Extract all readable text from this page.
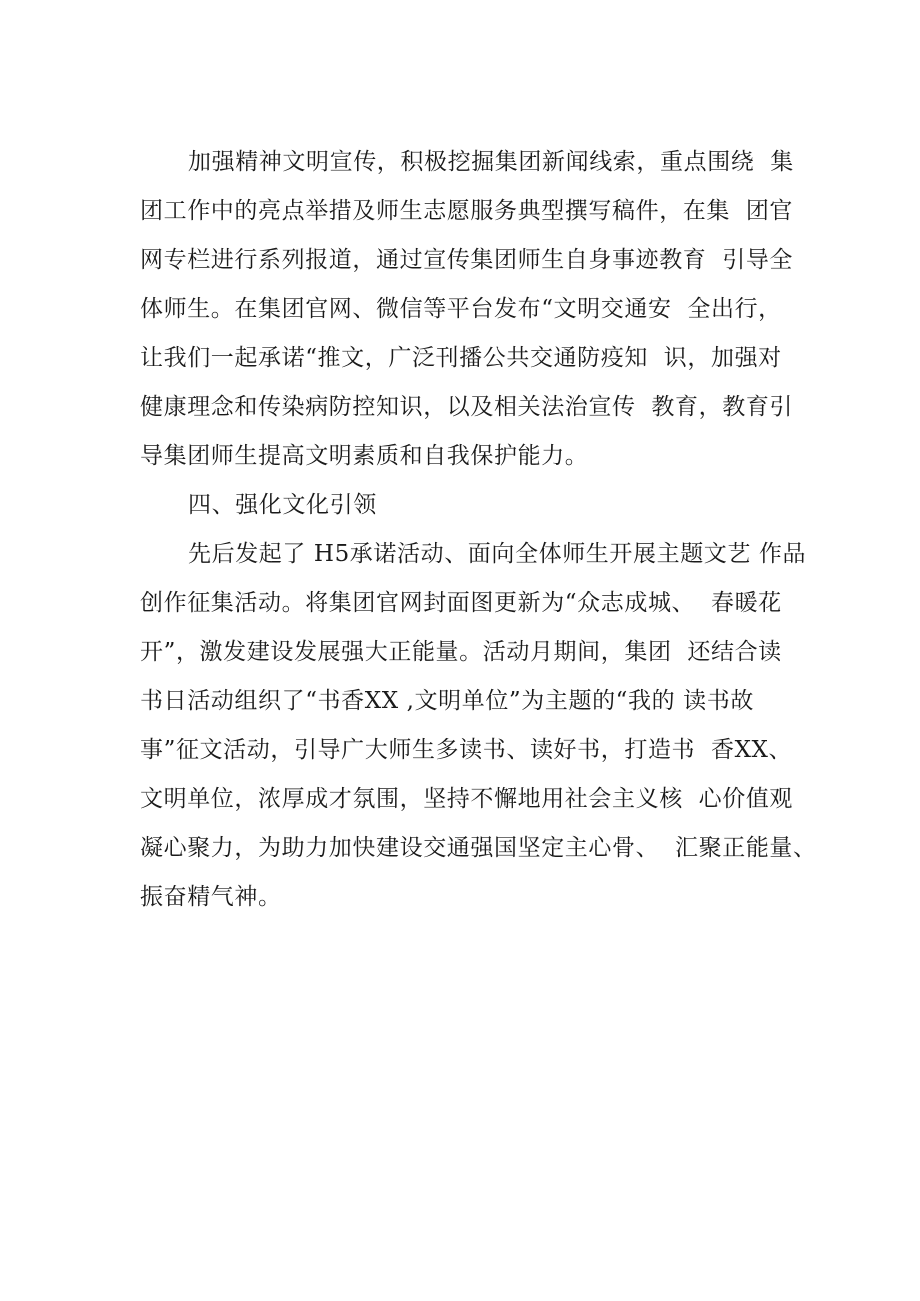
加强精神文明宣传，积极挖掘集团新闻线索，重点围绕  集
团工作中的亮点举措及师生志愿服务典型撰写稿件，在集  团官
网专栏进行系列报道，通过宣传集团师生自身事迹教育  引导全
体师生。在集团官网、微信等平台发布“文明交通安  全出行，
让我们一起承诺“推文，广泛刊播公共交通防疫知  识，加强对
健康理念和传染病防控知识，以及相关法治宣传  教育，教育引
导集团师生提高文明素质和自我保护能力。
四、强化文化引领
先后发起了 H5承诺活动、面向全体师生开展主题文艺 作品
创作征集活动。将集团官网封面图更新为“众志成城、  春暖花
开”，激发建设发展强大正能量。活动月期间，集团  还结合读
书日活动组织了“书香XX ,文明单位”为主题的“我的 读书故
事”征文活动，引导广大师生多读书、读好书，打造书  香XX、
文明单位，浓厚成才氛围，坚持不懈地用社会主义核  心价值观
凝心聚力，为助力加快建设交通强国坚定主心骨、  汇聚正能量、
振奋精气神。
